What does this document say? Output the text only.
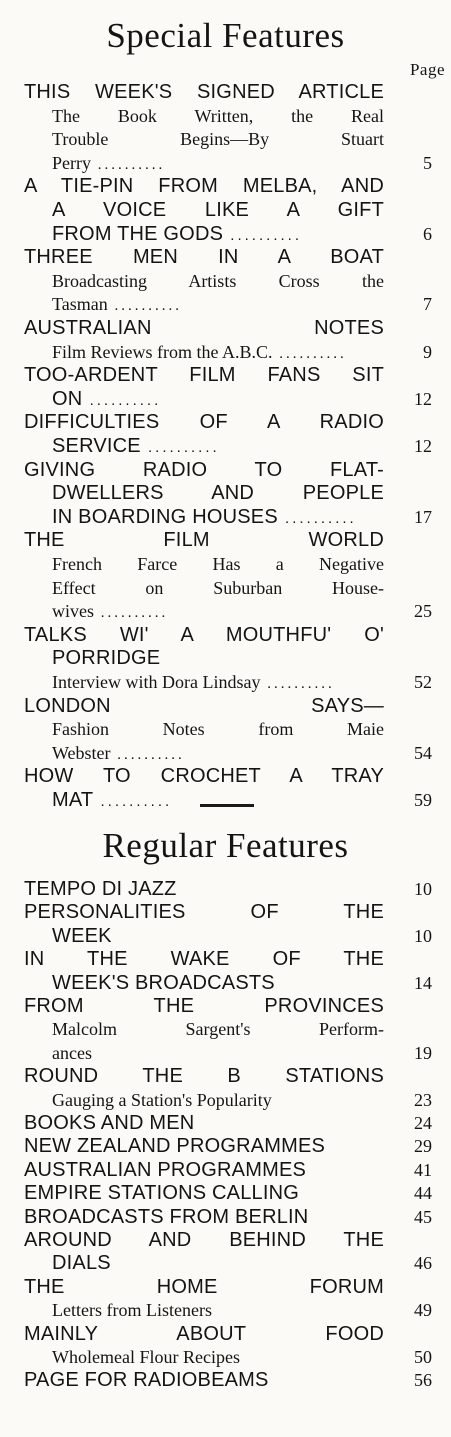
Special Features
Page
THIS WEEK'S SIGNED ARTICLE
The Book Written, the Real
Trouble Begins—By Stuart
Perry ..........	5
A TIE-PIN FROM MELBA, AND
A VOICE LIKE A GIFT
FROM THE GODS ..........	6
THREE MEN IN A BOAT
Broadcasting Artists Cross the
Tasman ..........	7
AUSTRALIAN NOTES
Film Reviews from the A.B.C. ..........	9
TOO-ARDENT FILM FANS SIT
ON ..........	12
DIFFICULTIES OF A RADIO
SERVICE ..........	12
GIVING RADIO TO FLAT-
DWELLERS AND PEOPLE
IN BOARDING HOUSES ..........	17
THE FILM WORLD
French Farce Has a Negative
Effect on Suburban House-
wives ..........	25
TALKS WI' A MOUTHFU' O'
PORRIDGE
Interview with Dora Lindsay ..........	52
LONDON SAYS—
Fashion Notes from Maie
Webster ..........	54
HOW TO CROCHET A TRAY
MAT ..........	59
Regular Features
TEMPO DI JAZZ	10
PERSONALITIES OF THE
WEEK	10
IN THE WAKE OF THE
WEEK'S BROADCASTS	14
FROM THE PROVINCES
Malcolm Sargent's Perform-
ances	19
ROUND THE B STATIONS
Gauging a Station's Popularity	23
BOOKS AND MEN	24
NEW ZEALAND PROGRAMMES	29
AUSTRALIAN PROGRAMMES	41
EMPIRE STATIONS CALLING	44
BROADCASTS FROM BERLIN	45
AROUND AND BEHIND THE
DIALS	46
THE HOME FORUM
Letters from Listeners	49
MAINLY ABOUT FOOD
Wholemeal Flour Recipes	50
PAGE FOR RADIOBEAMS	56
